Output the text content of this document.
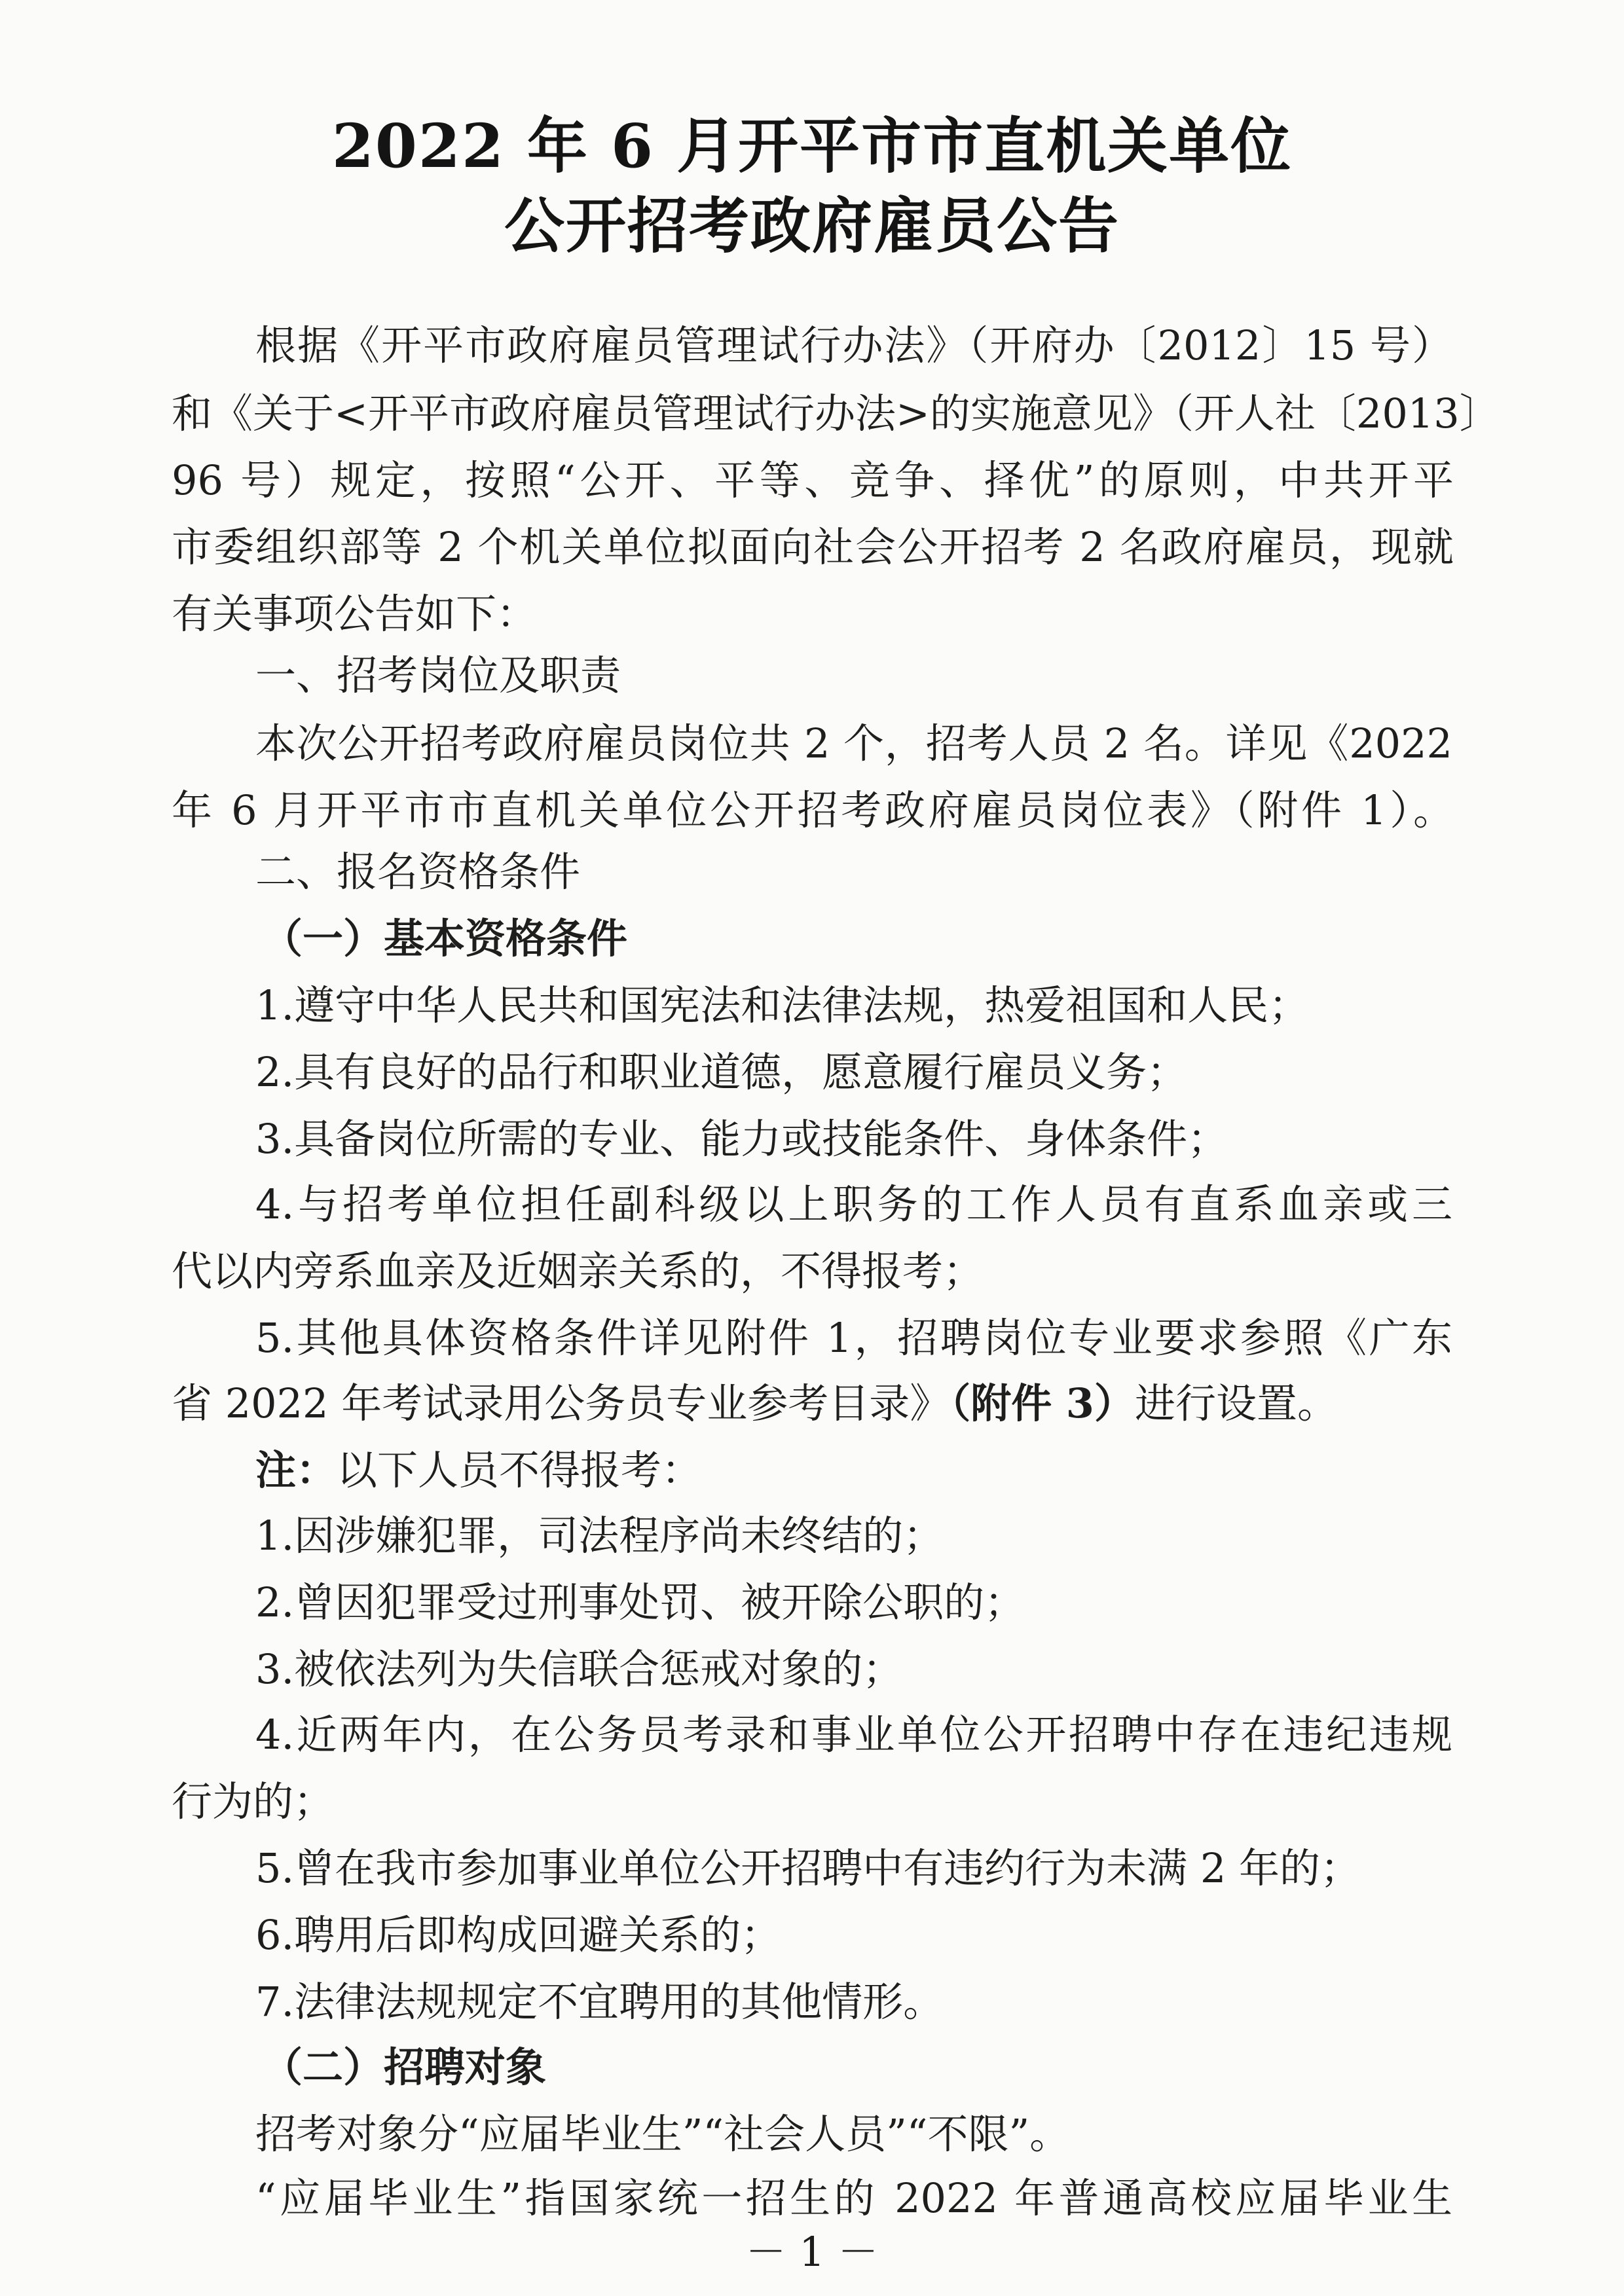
2022 年 6 月开平市市直机关单位
公开招考政府雇员公告
根据《开平市政府雇员管理试行办法》（开府办〔2012〕15 号）
和《关于<开平市政府雇员管理试行办法>的实施意见》（开人社〔2013〕
96 号）规定，按照“公开、平等、竞争、择优”的原则，中共开平
市委组织部等 2 个机关单位拟面向社会公开招考 2 名政府雇员，现就
有关事项公告如下：
一、招考岗位及职责
本次公开招考政府雇员岗位共 2 个，招考人员 2 名。详见《2022
年 6 月开平市市直机关单位公开招考政府雇员岗位表》（附件 1）。
二、报名资格条件
（一）基本资格条件
1.遵守中华人民共和国宪法和法律法规，热爱祖国和人民；
2.具有良好的品行和职业道德，愿意履行雇员义务；
3.具备岗位所需的专业、能力或技能条件、身体条件；
4.与招考单位担任副科级以上职务的工作人员有直系血亲或三
代以内旁系血亲及近姻亲关系的，不得报考；
5.其他具体资格条件详见附件 1，招聘岗位专业要求参照《广东
省 2022 年考试录用公务员专业参考目录》（附件 3）进行设置。
注：以下人员不得报考：
1.因涉嫌犯罪，司法程序尚未终结的；
2.曾因犯罪受过刑事处罚、被开除公职的；
3.被依法列为失信联合惩戒对象的；
4.近两年内，在公务员考录和事业单位公开招聘中存在违纪违规
行为的；
5.曾在我市参加事业单位公开招聘中有违约行为未满 2 年的；
6.聘用后即构成回避关系的；
7.法律法规规定不宜聘用的其他情形。
（二）招聘对象
招考对象分“应届毕业生”“社会人员”“不限”。
“应届毕业生”指国家统一招生的 2022 年普通高校应届毕业生
－ 1 －
